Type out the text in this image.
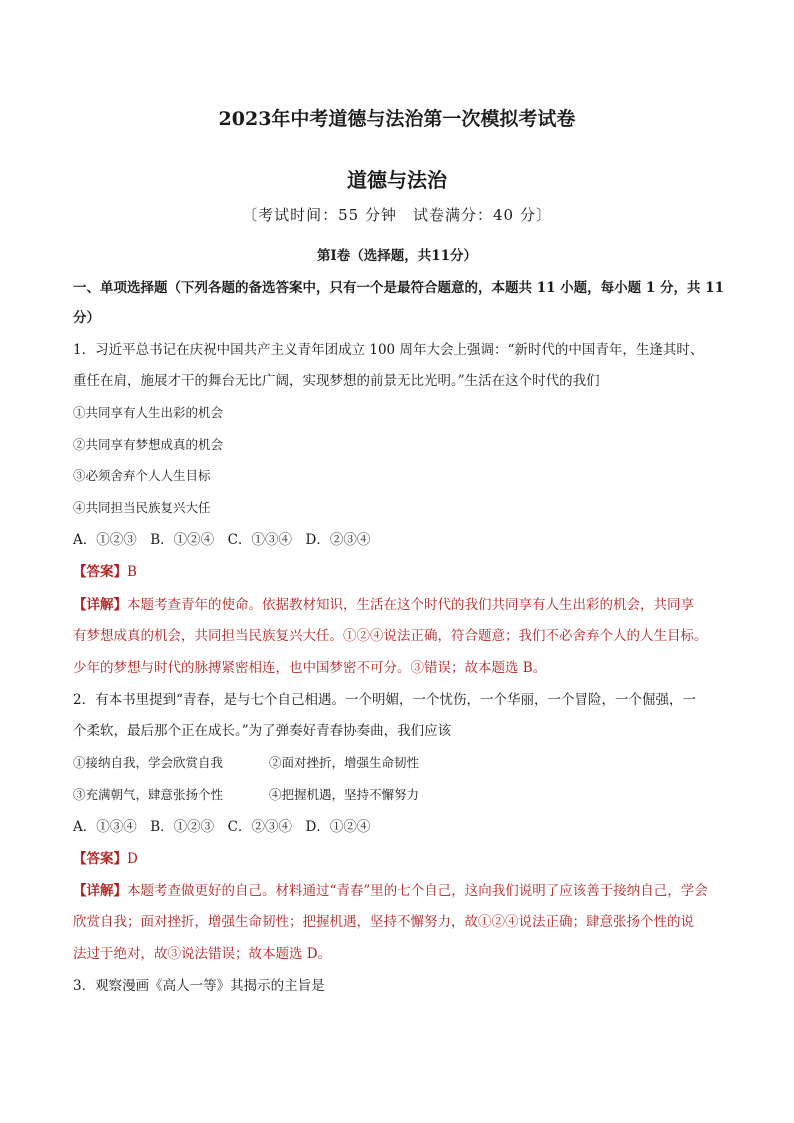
2023年中考道德与法治第一次模拟考试卷
道德与法治
〔考试时间：55 分钟　试卷满分：40 分〕
第Ⅰ卷（选择题，共11分）
一、单项选择题（下列各题的备选答案中，只有一个是最符合题意的，本题共 11 小题，每小题 1 分，共 11
分）
1．习近平总书记在庆祝中国共产主义青年团成立 100 周年大会上强调：“新时代的中国青年，生逢其时、
重任在肩，施展才干的舞台无比广阔，实现梦想的前景无比光明。”生活在这个时代的我们
①共同享有人生出彩的机会
②共同享有梦想成真的机会
③必须舍弃个人人生目标
④共同担当民族复兴大任
A．①②③　B．①②④　C．①③④　D．②③④
【答案】B
【详解】本题考查青年的使命。依据教材知识，生活在这个时代的我们共同享有人生出彩的机会，共同享
有梦想成真的机会，共同担当民族复兴大任。①②④说法正确，符合题意；我们不必舍弃个人的人生目标。
少年的梦想与时代的脉搏紧密相连，也中国梦密不可分。③错误；故本题选 B。
2．有本书里提到“青春，是与七个自己相遇。一个明媚，一个忧伤，一个华丽，一个冒险，一个倔强，一
个柔软，最后那个正在成长。”为了弹奏好青春协奏曲，我们应该
①接纳自我，学会欣赏自我	②面对挫折，增强生命韧性
③充满朝气，肆意张扬个性	④把握机遇，坚持不懈努力
A．①③④　B．①②③　C．②③④　D．①②④
【答案】D
【详解】本题考查做更好的自己。材料通过“青春”里的七个自己，这向我们说明了应该善于接纳自己，学会
欣赏自我；面对挫折，增强生命韧性；把握机遇，坚持不懈努力，故①②④说法正确；肆意张扬个性的说
法过于绝对，故③说法错误；故本题选 D。
3．观察漫画《高人一等》其揭示的主旨是
